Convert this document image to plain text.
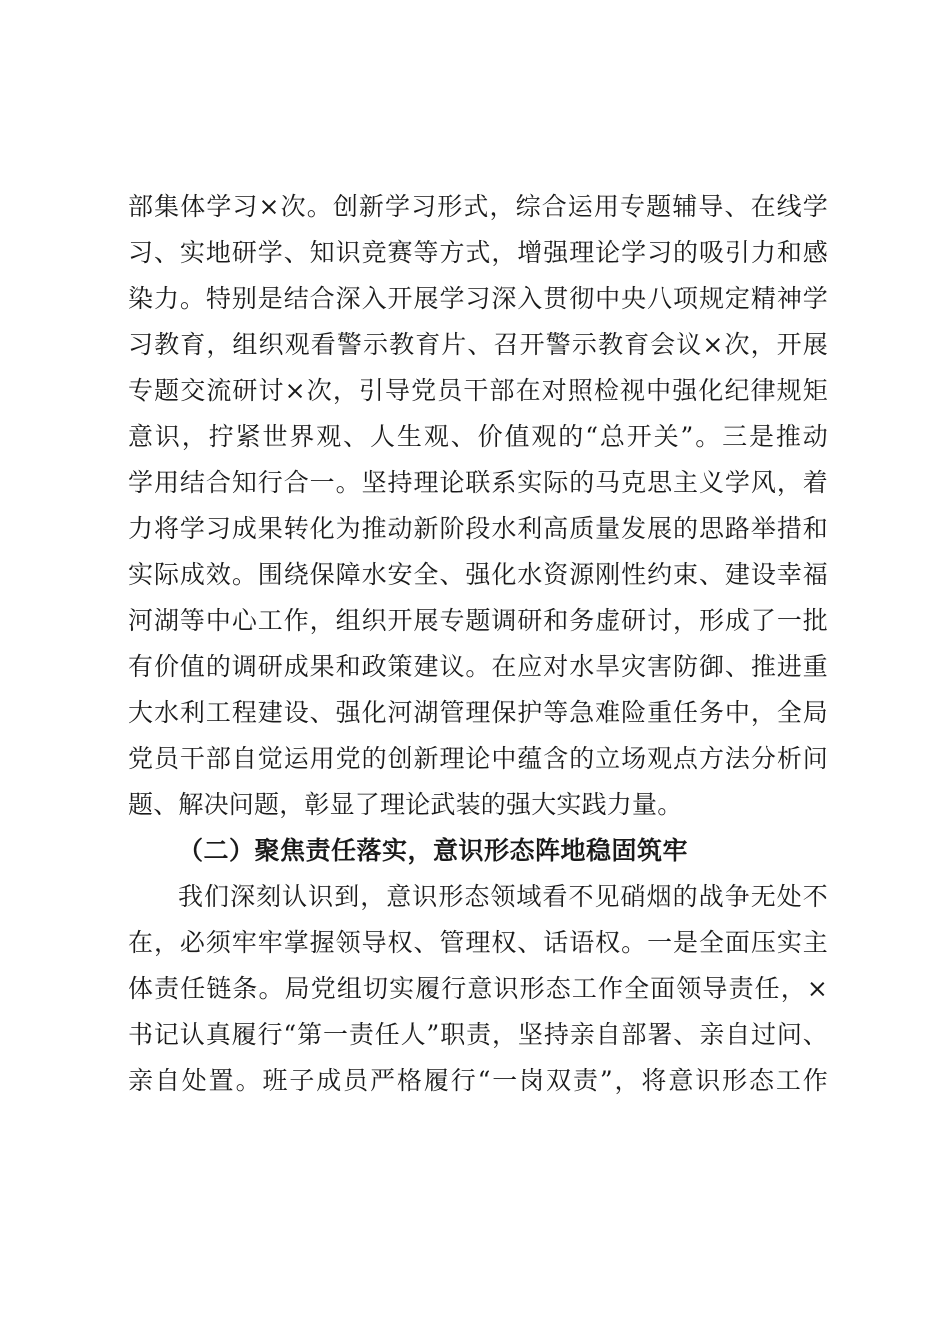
部集体学习×次。创新学习形式，综合运用专题辅导、在线学
习、实地研学、知识竞赛等方式，增强理论学习的吸引力和感
染力。特别是结合深入开展学习深入贯彻中央八项规定精神学
习教育，组织观看警示教育片、召开警示教育会议×次，开展
专题交流研讨×次，引导党员干部在对照检视中强化纪律规矩
意识，拧紧世界观、人生观、价值观的“总开关”。三是推动
学用结合知行合一。坚持理论联系实际的马克思主义学风，着
力将学习成果转化为推动新阶段水利高质量发展的思路举措和
实际成效。围绕保障水安全、强化水资源刚性约束、建设幸福
河湖等中心工作，组织开展专题调研和务虚研讨，形成了一批
有价值的调研成果和政策建议。在应对水旱灾害防御、推进重
大水利工程建设、强化河湖管理保护等急难险重任务中，全局
党员干部自觉运用党的创新理论中蕴含的立场观点方法分析问
题、解决问题，彰显了理论武装的强大实践力量。
（二）聚焦责任落实，意识形态阵地稳固筑牢
我们深刻认识到，意识形态领域看不见硝烟的战争无处不
在，必须牢牢掌握领导权、管理权、话语权。一是全面压实主
体责任链条。局党组切实履行意识形态工作全面领导责任，×
书记认真履行“第一责任人”职责，坚持亲自部署、亲自过问、
亲自处置。班子成员严格履行“一岗双责”，将意识形态工作
